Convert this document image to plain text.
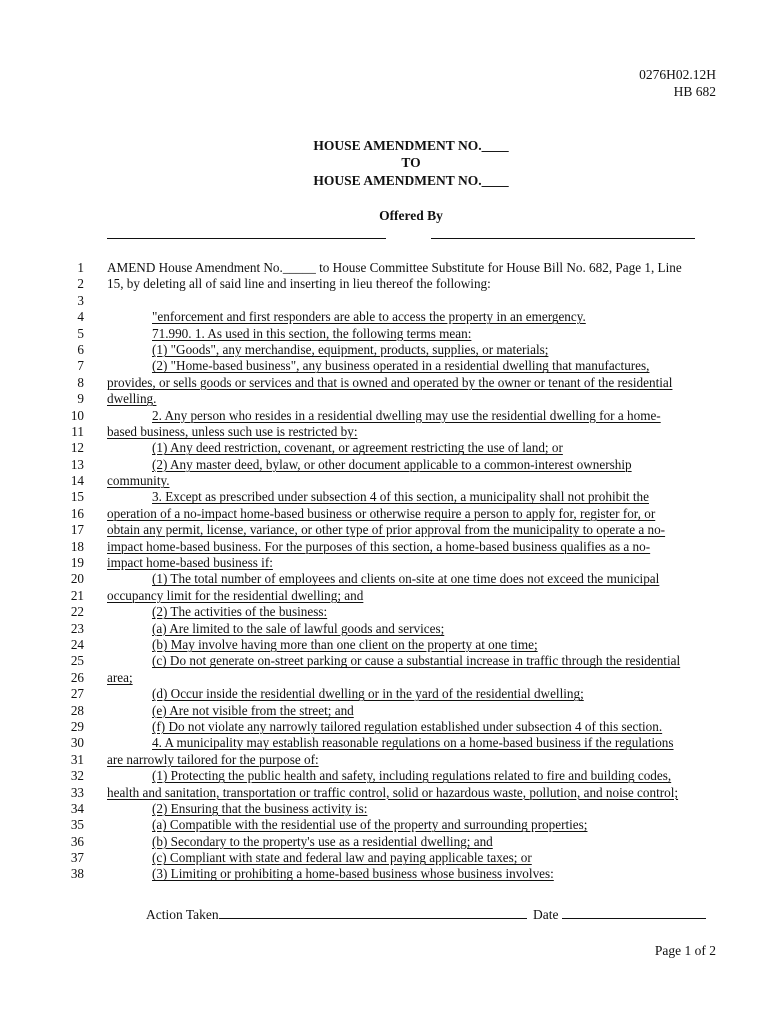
0276H02.12H
HB 682
HOUSE AMENDMENT NO.____
TO
HOUSE AMENDMENT NO.____
Offered By
1 AMEND House Amendment No._____ to House Committee Substitute for House Bill No. 682, Page 1, Line
2 15, by deleting all of said line and inserting in lieu thereof the following:
3
4	"enforcement and first responders are able to access the property in an emergency.
5	71.990. 1. As used in this section, the following terms mean:
6	(1) "Goods", any merchandise, equipment, products, supplies, or materials;
7	(2) "Home-based business", any business operated in a residential dwelling that manufactures,
8 provides, or sells goods or services and that is owned and operated by the owner or tenant of the residential
9 dwelling.
10	2. Any person who resides in a residential dwelling may use the residential dwelling for a home-
11 based business, unless such use is restricted by:
12	(1) Any deed restriction, covenant, or agreement restricting the use of land; or
13	(2) Any master deed, bylaw, or other document applicable to a common-interest ownership
14 community.
15	3. Except as prescribed under subsection 4 of this section, a municipality shall not prohibit the
16 operation of a no-impact home-based business or otherwise require a person to apply for, register for, or
17 obtain any permit, license, variance, or other type of prior approval from the municipality to operate a no-
18 impact home-based business. For the purposes of this section, a home-based business qualifies as a no-
19 impact home-based business if:
20	(1) The total number of employees and clients on-site at one time does not exceed the municipal
21 occupancy limit for the residential dwelling; and
22	(2) The activities of the business:
23	(a) Are limited to the sale of lawful goods and services;
24	(b) May involve having more than one client on the property at one time;
25	(c) Do not generate on-street parking or cause a substantial increase in traffic through the residential
26 area;
27	(d) Occur inside the residential dwelling or in the yard of the residential dwelling;
28	(e) Are not visible from the street; and
29	(f) Do not violate any narrowly tailored regulation established under subsection 4 of this section.
30	4. A municipality may establish reasonable regulations on a home-based business if the regulations
31 are narrowly tailored for the purpose of:
32	(1) Protecting the public health and safety, including regulations related to fire and building codes,
33 health and sanitation, transportation or traffic control, solid or hazardous waste, pollution, and noise control;
34	(2) Ensuring that the business activity is:
35	(a) Compatible with the residential use of the property and surrounding properties;
36	(b) Secondary to the property's use as a residential dwelling; and
37	(c) Compliant with state and federal law and paying applicable taxes; or
38	(3) Limiting or prohibiting a home-based business whose business involves:
Action Taken	Date
Page 1 of 2
